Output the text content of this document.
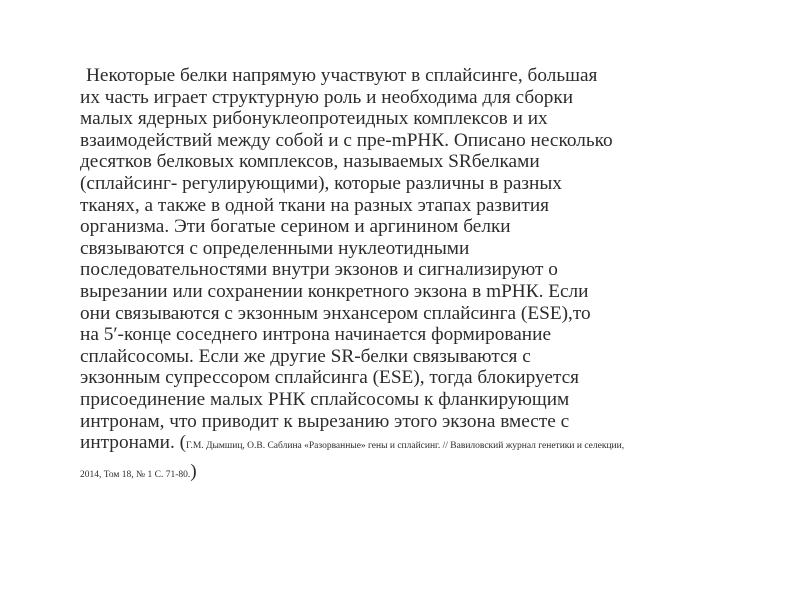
Некоторые белки напрямую участвуют в сплайсинге, большая
их часть играет структурную роль и необходима для сборки
малых ядерных рибонуклеопротеидных комплексов и их
взаимодействий между собой и с пре-mРНК. Описано несколько
десятков белковых комплексов, называемых SRбелками
(сплайсинг- регулирующими), которые различны в разных
тканях, а также в одной ткани на разных этапах развития
организма. Эти богатые серином и аргинином белки
связываются с определенными нуклеотидными
последовательностями внутри экзонов и сигнализируют о
вырезании или сохранении конкретного экзона в mРНК. Если
они связываются с экзонным энхансером сплайсинга (ESE),то
на 5′-конце соседнего интрона начинается формирование
сплайсосомы. Если же другие SR-белки связываются с
экзонным супрессором сплайсинга (ESE), тогда блокируется
присоединение малых РНК сплайсосомы к фланкирующим
интронам, что приводит к вырезанию этого экзона вместе с
интронами. (Г.М. Дымшиц, О.В. Саблина «Разорванные» гены и сплайсинг. // Вавиловский журнал генетики и селекции,
2014, Том 18, № 1 С. 71-80.)
